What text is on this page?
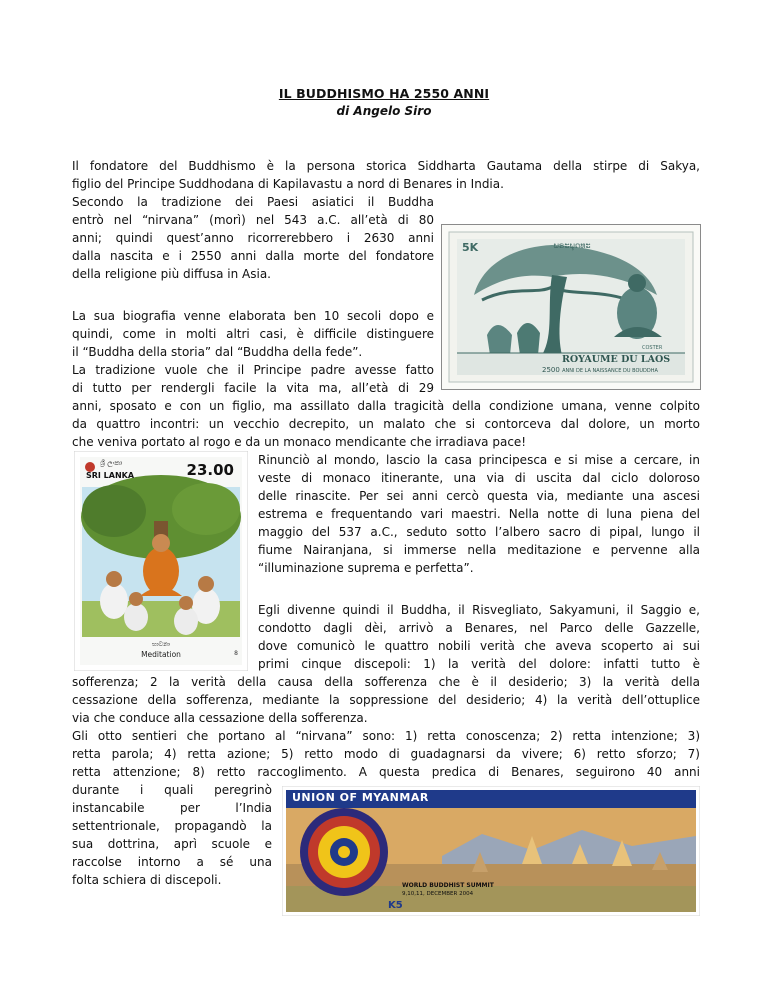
IL BUDDHISMO HA 2550 ANNI
di Angelo Siro
Il fondatore del Buddhismo è la persona storica Siddharta Gautama della stirpe di Sakya,
figlio del Principe Suddhodana di Kapilavastu a nord di Benares in India.
Secondo la tradizione dei Paesi asiatici il Buddha
entrò nel “nirvana” (morì) nel 543 a.C. all’età di 80
anni; quindi quest’anno ricorrerebbero i 2630 anni
dalla nascita e i 2550 anni dalla morte del fondatore
della religione più diffusa in Asia.
La sua biografia venne elaborata ben 10 secoli dopo e
quindi, come in molti altri casi, è difficile distinguere
il “Buddha della storia” dal “Buddha della fede”.
La tradizione vuole che il Principe padre avesse fatto
di tutto per rendergli facile la vita ma, all’età di 29
anni, sposato e con un figlio, ma assillato dalla tragicità della condizione umana, venne colpito
da quattro incontri: un vecchio decrepito, un malato che si contorceva dal dolore, un morto
che veniva portato al rogo e da un monaco mendicante che irradiava pace!
Rinunciò al mondo, lascio la casa principesca e si mise a cercare, in
veste di monaco itinerante, una via di uscita dal ciclo doloroso
delle rinascite. Per sei anni cercò questa via, mediante una ascesi
estrema e frequentando vari maestri. Nella notte di luna piena del
maggio del 537 a.C., seduto sotto l’albero sacro di pipal, lungo il
fiume Nairanjana, si immerse nella meditazione e pervenne alla
“illuminazione suprema e perfetta”.
Egli divenne quindi il Buddha, il Risvegliato, Sakyamuni, il Saggio e,
condotto dagli dèi, arrivò a Benares, nel Parco delle Gazzelle,
dove comunicò le quattro nobili verità che aveva scoperto ai sui
primi cinque discepoli: 1) la verità del dolore: infatti tutto è
sofferenza; 2 la verità della causa della sofferenza che è il desiderio; 3) la verità della
cessazione della sofferenza, mediante la soppressione del desiderio; 4) la verità dell’ottuplice
via che conduce alla cessazione della sofferenza.
Gli otto sentieri che portano al “nirvana” sono: 1) retta conoscenza; 2) retta intenzione; 3)
retta parola; 4) retta azione; 5) retto modo di guadagnarsi da vivere; 6) retto sforzo; 7)
retta attenzione; 8) retto raccoglimento. A questa predica di Benares, seguirono 40 anni
durante i quali peregrinò
instancabile per l’India
settentrionale, propagandò la
sua dottrina, aprì scuole e
raccolse intorno a sé una
folta schiera di discepoli.
5K	ພຣະພຸດທະ
COSTER
ROYAUME DU LAOS
2500 ANNI DE LA NAISSANCE DU BOUDDHA
ශ්‍රී ලංකා
SRI LANKA	23.00
භාවනා
Meditation	8
UNION OF MYANMAR
WORLD BUDDHIST SUMMIT
9,10,11, DECEMBER 2004
K5
